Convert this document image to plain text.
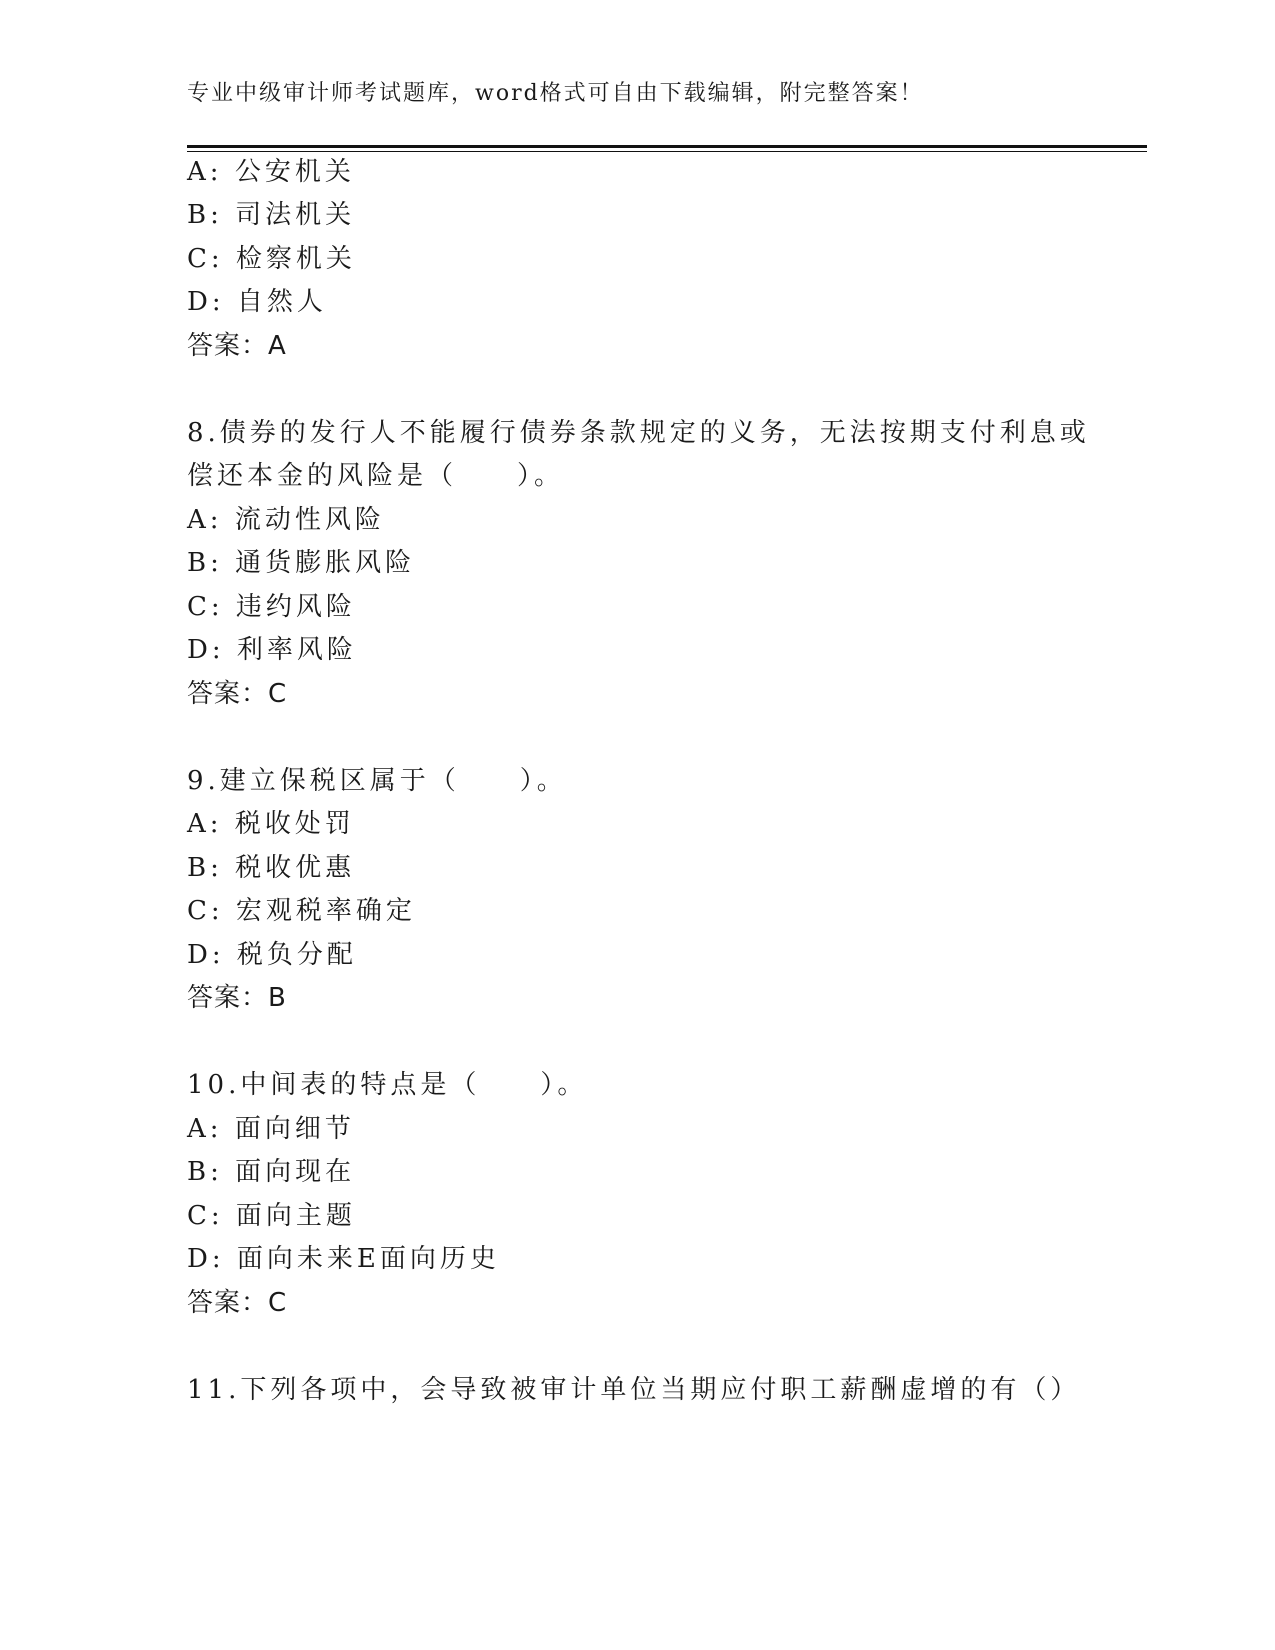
专业中级审计师考试题库，word格式可自由下载编辑，附完整答案！
A: 公安机关
B: 司法机关
C: 检察机关
D: 自然人
答案：A
8.债券的发行人不能履行债券条款规定的义务，无法按期支付利息或
偿还本金的风险是（　　）。
A: 流动性风险
B: 通货膨胀风险
C: 违约风险
D: 利率风险
答案：C
9.建立保税区属于（　　）。
A: 税收处罚
B: 税收优惠
C: 宏观税率确定
D: 税负分配
答案：B
10.中间表的特点是（　　）。
A: 面向细节
B: 面向现在
C: 面向主题
D: 面向未来E面向历史
答案：C
11.下列各项中，会导致被审计单位当期应付职工薪酬虚增的有（）
